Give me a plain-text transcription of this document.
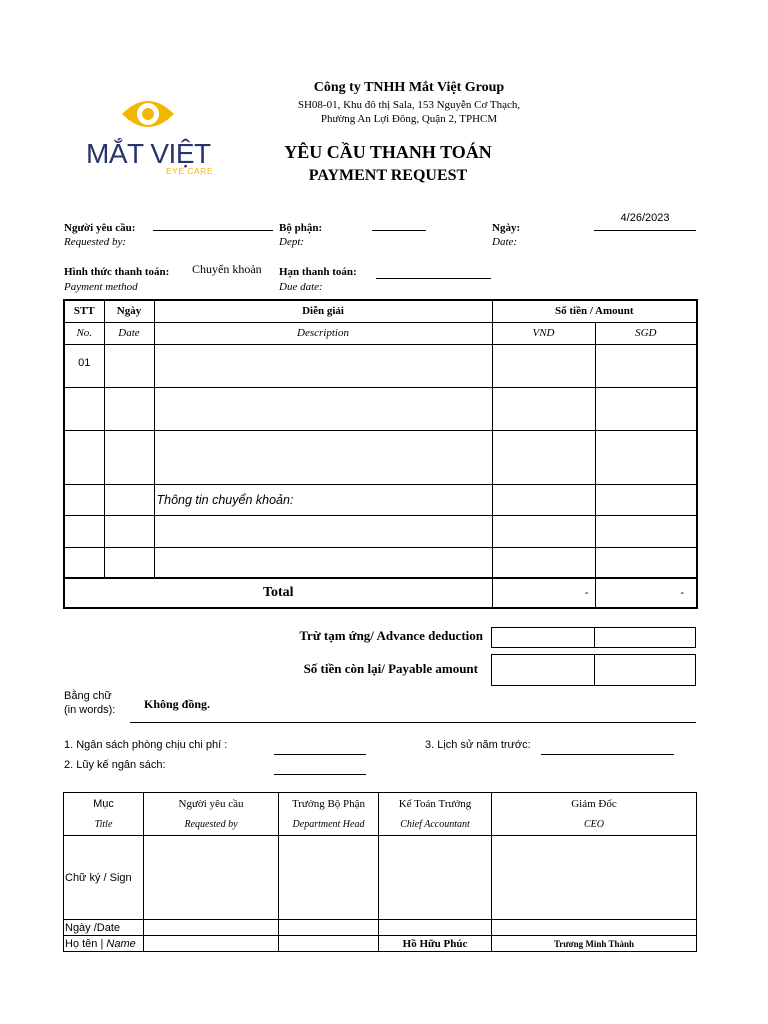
MẮT VIỆT
EYE CARE
Công ty TNHH Mắt Việt Group
SH08-01, Khu đô thị Sala, 153 Nguyễn Cơ Thạch,
Phường An Lợi Đông, Quận 2, TPHCM
YÊU CẦU THANH TOÁN
PAYMENT REQUEST
Người yêu cầu:
Requested by:
Bộ phận:
Dept:
Ngày:
Date:
4/26/2023
Hình thức thanh toán:
Payment method
Chuyển khoản Hạn thanh toán:
Due date:
STT	Ngày	Diễn giải	Số tiền / Amount	
No.	Date	Description	VND	SGD
01				

		Thông tin chuyển khoản:		

Total			-	-
Trừ tạm ứng/ Advance deduction
Số tiền còn lại/ Payable amount
Bằng chữ
(in words): Không đồng.
1. Ngân sách phòng chịu chi phí :
2. Lũy kế ngân sách:
3. Lịch sử năm trước:
Mục	Người yêu cầu	Trưởng Bộ Phận	Kế Toán Trưởng	Giám Đốc
Title	Requested by	Department Head	Chief Accountant	CEO
Chữ ký / Sign				
Ngày /Date				
Họ tên | Name			Hồ Hữu Phúc	Trương Minh Thành
